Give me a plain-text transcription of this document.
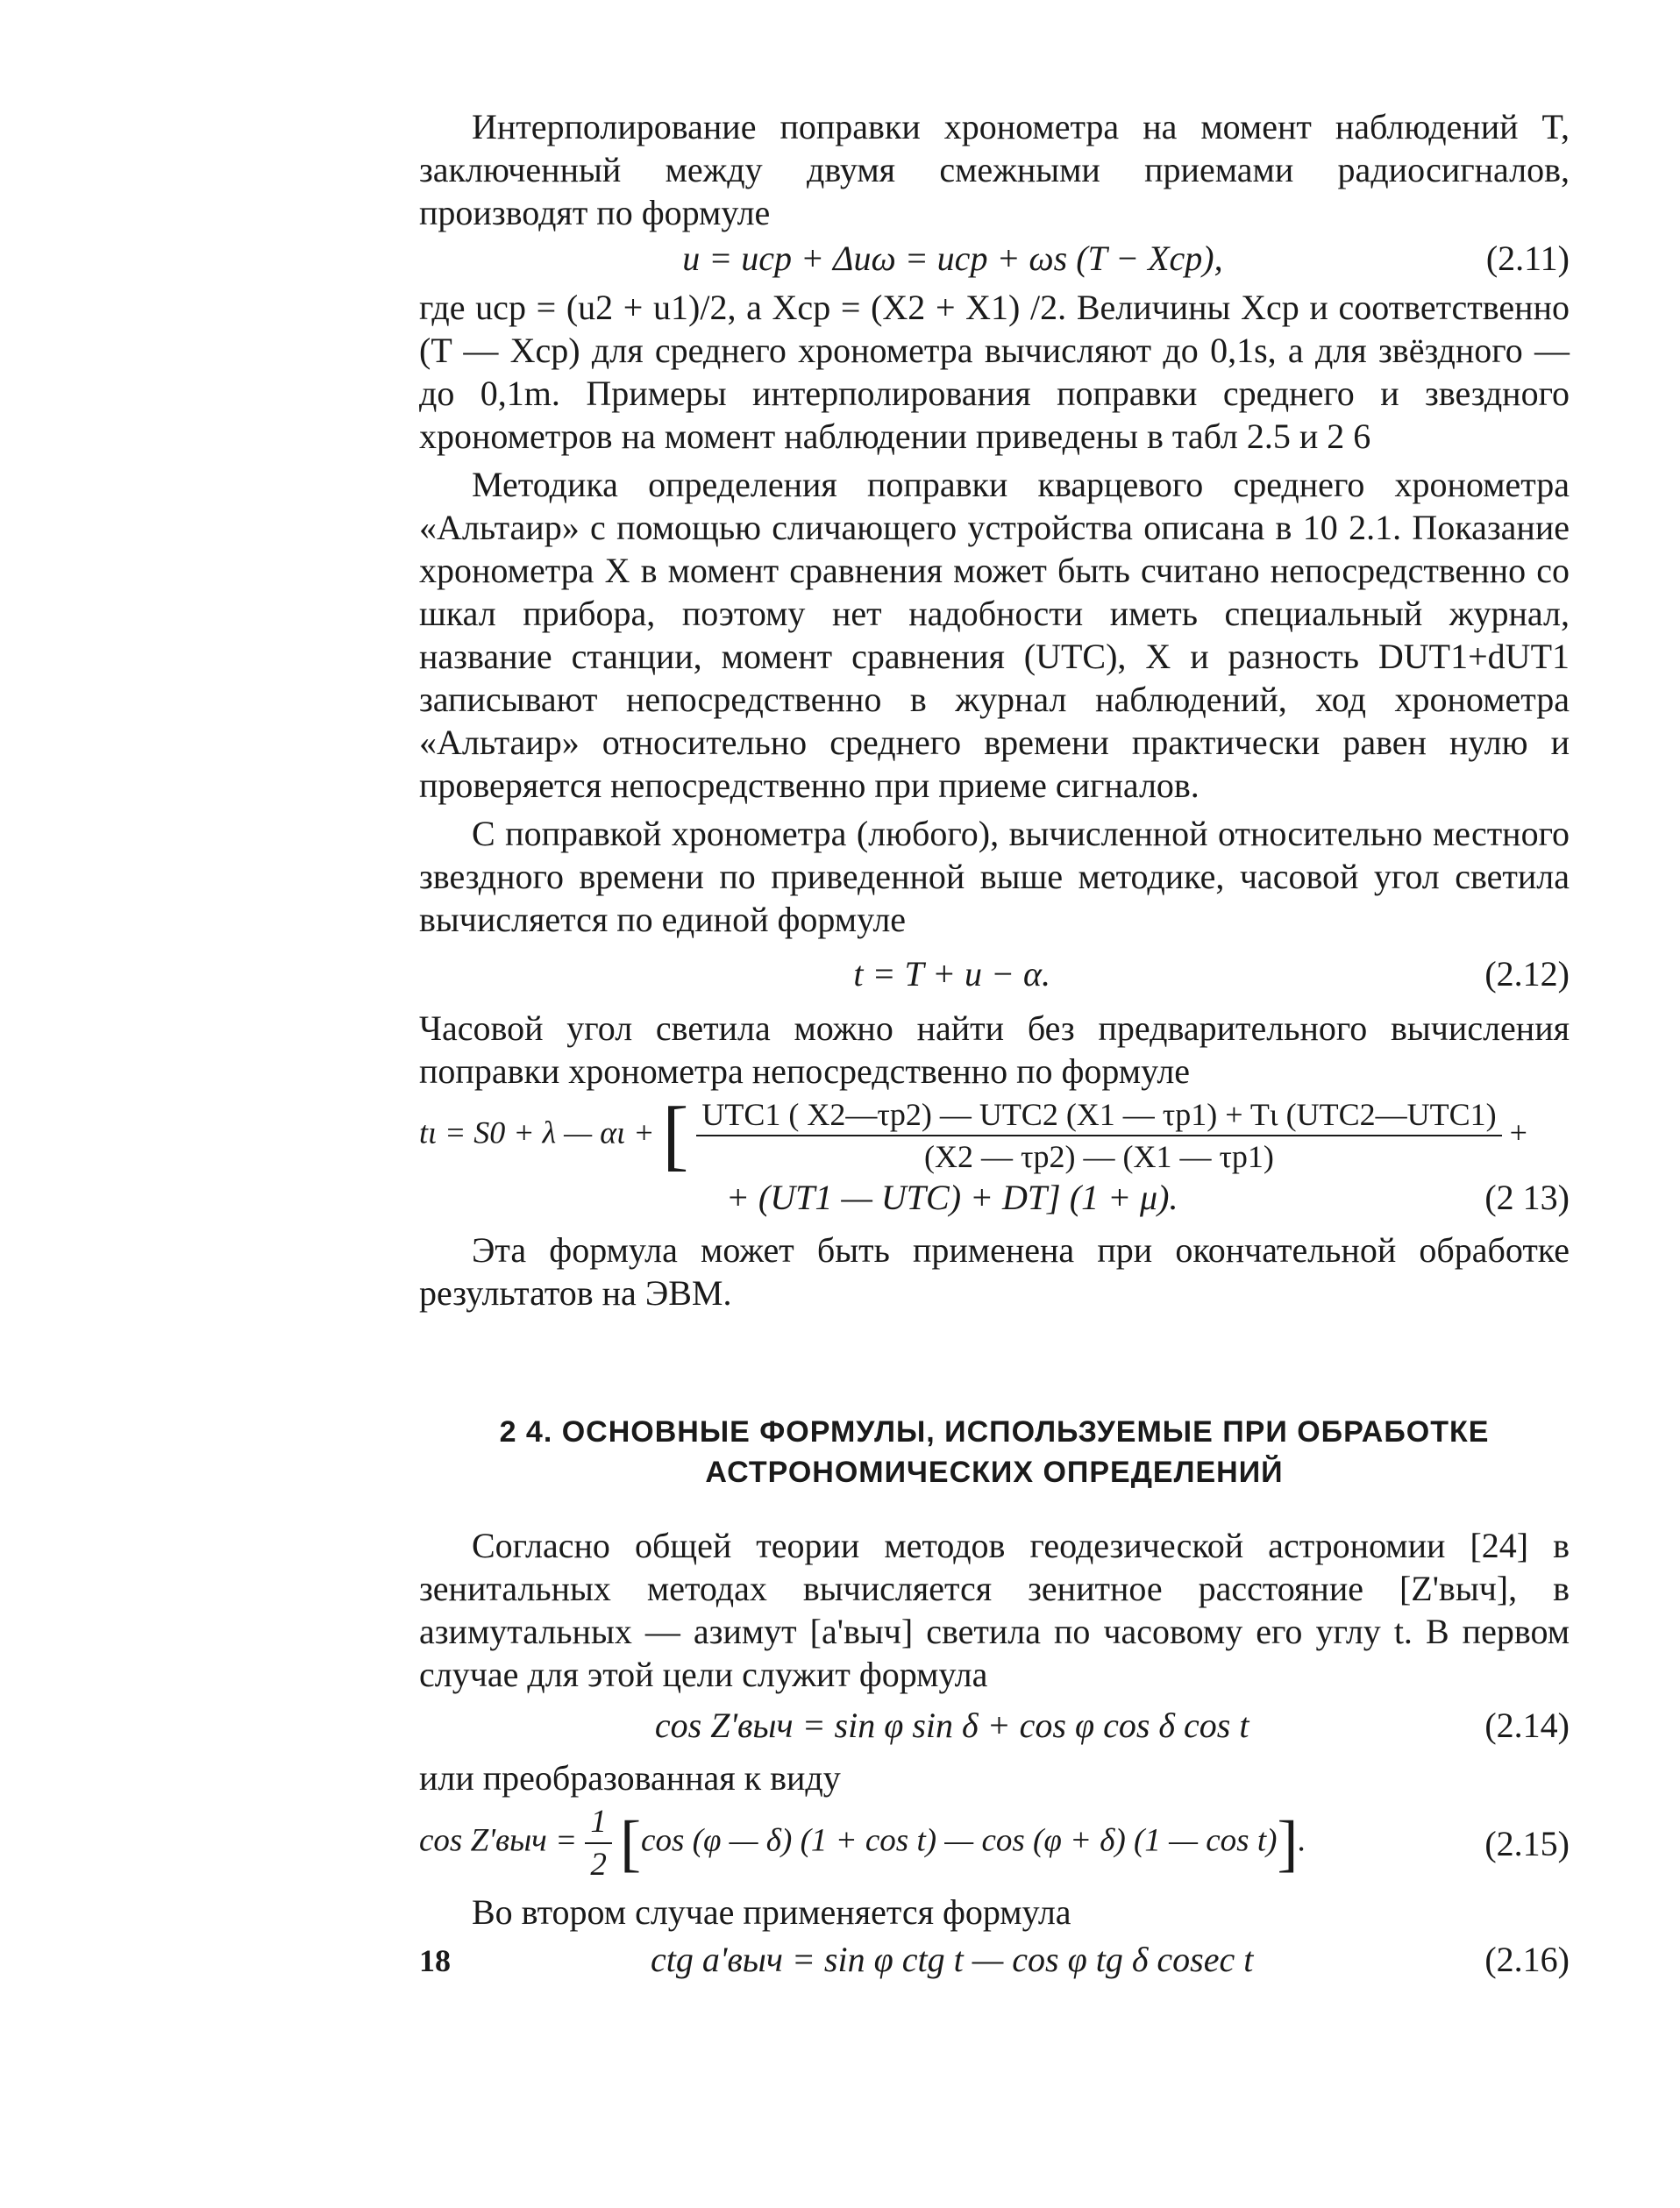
Интерполирование поправки хронометра на момент наблюдений T, заключенный между двумя смежными приемами радиосигналов, производят по формуле

u = uср + Δuω = uср + ωs (T − Xср),	(2.11)

где uср = (u2 + u1)/2, а Xср = (X2 + X1) /2. Величины Xср и соответственно (T — Xср) для среднего хронометра вычисляют до 0,1s, а для звёздного — до 0,1m. Примеры интерполирования поправки среднего и звездного хронометров на момент наблюдении приведены в табл 2.5 и 2 6

Методика определения поправки кварцевого среднего хронометра «Альтаир» с помощью сличающего устройства описана в 10 2.1. Показание хронометра X в момент сравнения может быть считано непосредственно со шкал прибора, поэтому нет надобности иметь специальный журнал, название станции, момент сравнения (UTC), X и разность DUT1+dUT1 записывают непосредственно в журнал наблюдений, ход хронометра «Альтаир» относительно среднего времени практически равен нулю и проверяется непосредственно при приеме сигналов.

С поправкой хронометра (любого), вычисленной относительно местного звездного времени по приведенной выше методике, часовой угол светила вычисляется по единой формуле

t = T + u − α.	(2.12)

Часовой угол светила можно найти без предварительного вычисления поправки хронометра непосредственно по формуле

tι = S0 + λ — αι + [ $\frac{\text{UTC1 ( X2—τp2) — UTC2 (X1 — τp1) + Tι (UTC2—UTC1)}}{(X2 — \tau p2) — (X1 — \tau p1)}$ +
+ (UT1 — UTC) + DT] (1 + μ).	(2 13)

Эта формула может быть применена при окончательной обработке результатов на ЭВМ.

2 4. ОСНОВНЫЕ ФОРМУЛЫ, ИСПОЛЬЗУЕМЫЕ ПРИ ОБРАБОТКЕ
АСТРОНОМИЧЕСКИХ ОПРЕДЕЛЕНИЙ

Согласно общей теории методов геодезической астрономии [24] в зенитальных методах вычисляется зенитное расстояние [Z'выч], в азимутальных — азимут [a'выч] светила по часовому его углу t. В первом случае для этой цели служит формула

cos Z'выч = sin φ sin δ + cos φ cos δ cos t	(2.14)

или преобразованная к виду

$\cos Z'выч = \frac{1}{2} [\cos$ (φ — δ) (1 + cos t) — cos (φ + δ) (1 — cos t)].	(2.15)

Во втором случае применяется формула

ctg a'выч = sin φ ctg t — cos φ tg δ cosec t	(2.16)
18
